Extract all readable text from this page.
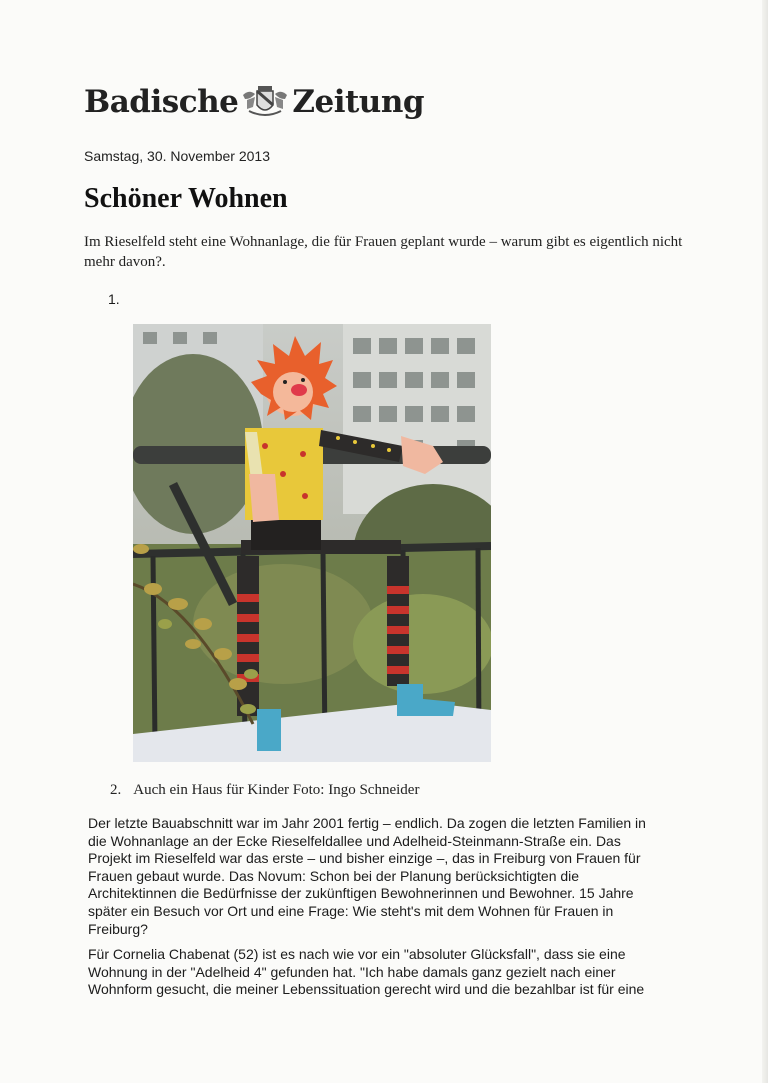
Badische Zeitung
Samstag, 30. November 2013
Schöner Wohnen

Im Rieselfeld steht eine Wohnanlage, die für Frauen geplant wurde – warum gibt es eigentlich nicht mehr davon?.

1.
2. Auch ein Haus für Kinder Foto: Ingo Schneider

Der letzte Bauabschnitt war im Jahr 2001 fertig – endlich. Da zogen die letzten Familien in die Wohnanlage an der Ecke Rieselfeldallee und Adelheid-Steinmann-Straße ein. Das Projekt im Rieselfeld war das erste – und bisher einzige –, das in Freiburg von Frauen für Frauen gebaut wurde. Das Novum: Schon bei der Planung berücksichtigten die Architektinnen die Bedürfnisse der zukünftigen Bewohnerinnen und Bewohner. 15 Jahre später ein Besuch vor Ort und eine Frage: Wie steht's mit dem Wohnen für Frauen in Freiburg?

Für Cornelia Chabenat (52) ist es nach wie vor ein "absoluter Glücksfall", dass sie eine Wohnung in der "Adelheid 4" gefunden hat. "Ich habe damals ganz gezielt nach einer Wohnform gesucht, die meiner Lebenssituation gerecht wird und die bezahlbar ist für eine
